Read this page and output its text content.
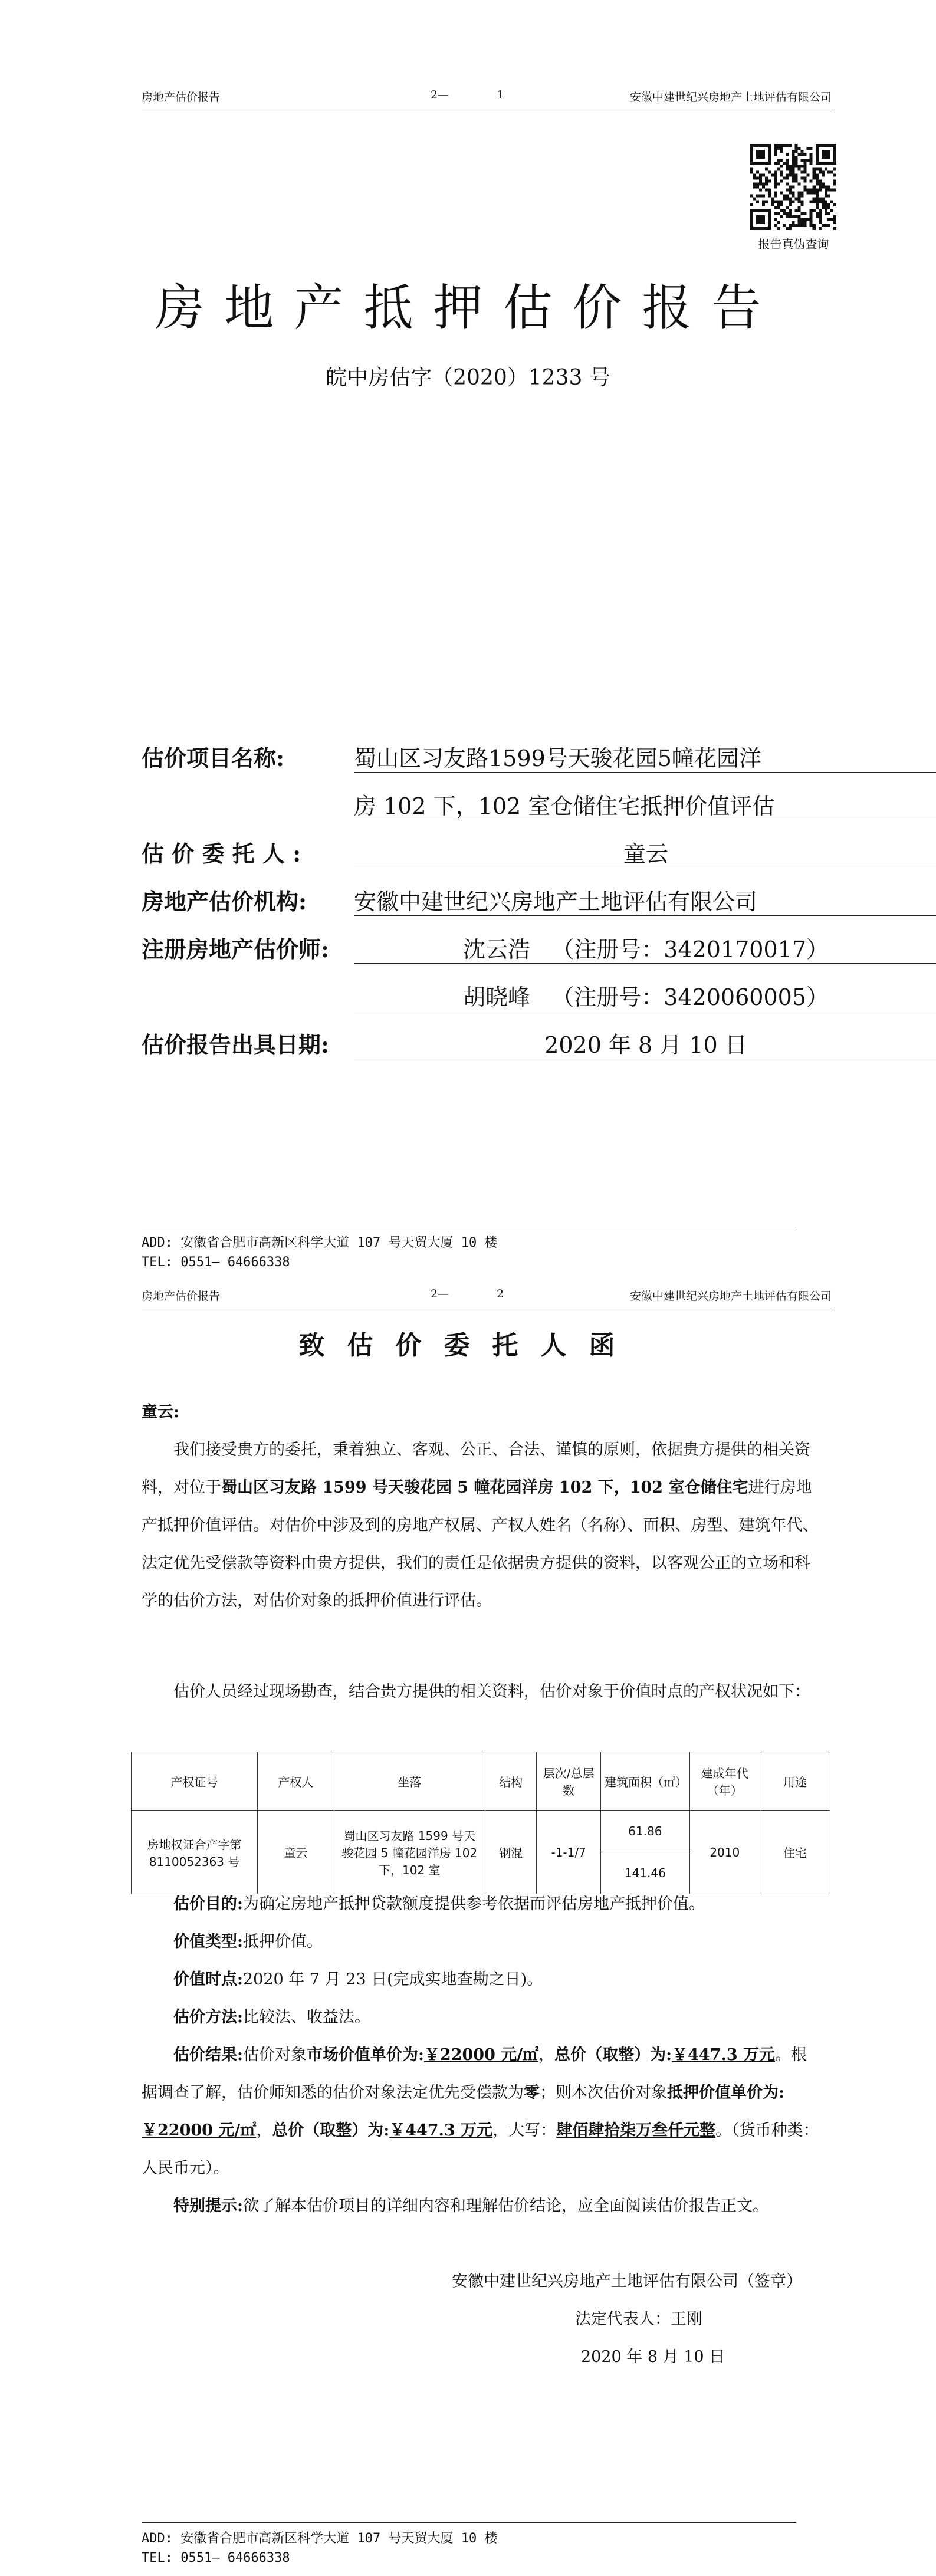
房地产估价报告	2—	1	安徽中建世纪兴房地产土地评估有限公司
报告真伪查询
房地产抵押估价报告
皖中房估字（2020）1233 号
估价项目名称:	蜀山区习友路1599号天骏花园5幢花园洋
房 102 下，102 室仓储住宅抵押价值评估
估 价 委 托 人 :	童云
房地产估价机构: 安徽中建世纪兴房地产土地评估有限公司
注册房地产估价师:	沈云浩   （注册号：3420170017）
胡晓峰   （注册号：3420060005）
估价报告出具日期:	2020 年 8 月 10 日
ADD: 安徽省合肥市高新区科学大道 107 号天贸大厦 10 楼
TEL: 0551— 64666338
房地产估价报告	2—	2	安徽中建世纪兴房地产土地评估有限公司
致估价委托人函
童云:
我们接受贵方的委托，秉着独立、客观、公正、合法、谨慎的原则，依据贵方提供的相关资料，对位于蜀山区习友路 1599 号天骏花园 5 幢花园洋房 102 下，102 室仓储住宅进行房地产抵押价值评估。对估价中涉及到的房地产权属、产权人姓名（名称）、面积、房型、建筑年代、法定优先受偿款等资料由贵方提供，我们的责任是依据贵方提供的资料，以客观公正的立场和科学的估价方法，对估价对象的抵押价值进行评估。
估价人员经过现场勘查，结合贵方提供的相关资料，估价对象于价值时点的产权状况如下：
产权证号	产权人	坐落	结构	层次/总层数	建筑面积（㎡）	建成年代（年）	用途
房地权证合产字第 8110052363 号	童云	蜀山区习友路 1599 号天骏花园 5 幢花园洋房 102 下，102 室	钢混	-1-1/7	61.86	2010	住宅
					141.46		
估价目的:为确定房地产抵押贷款额度提供参考依据而评估房地产抵押价值。
价值类型:抵押价值。
价值时点:2020 年 7 月 23 日(完成实地查勘之日)。
估价方法:比较法、收益法。
估价结果:估价对象市场价值单价为:￥22000 元/㎡，总价（取整）为:￥447.3 万元。根据调查了解，估价师知悉的估价对象法定优先受偿款为零；则本次估价对象抵押价值单价为:￥22000 元/㎡，总价（取整）为:￥447.3 万元，大写：肆佰肆拾柒万叁仟元整。（货币种类：人民币元）。
特别提示:欲了解本估价项目的详细内容和理解估价结论，应全面阅读估价报告正文。
安徽中建世纪兴房地产土地评估有限公司（签章）
法定代表人：王刚
2020 年 8 月 10 日
ADD: 安徽省合肥市高新区科学大道 107 号天贸大厦 10 楼
TEL: 0551— 64666338
